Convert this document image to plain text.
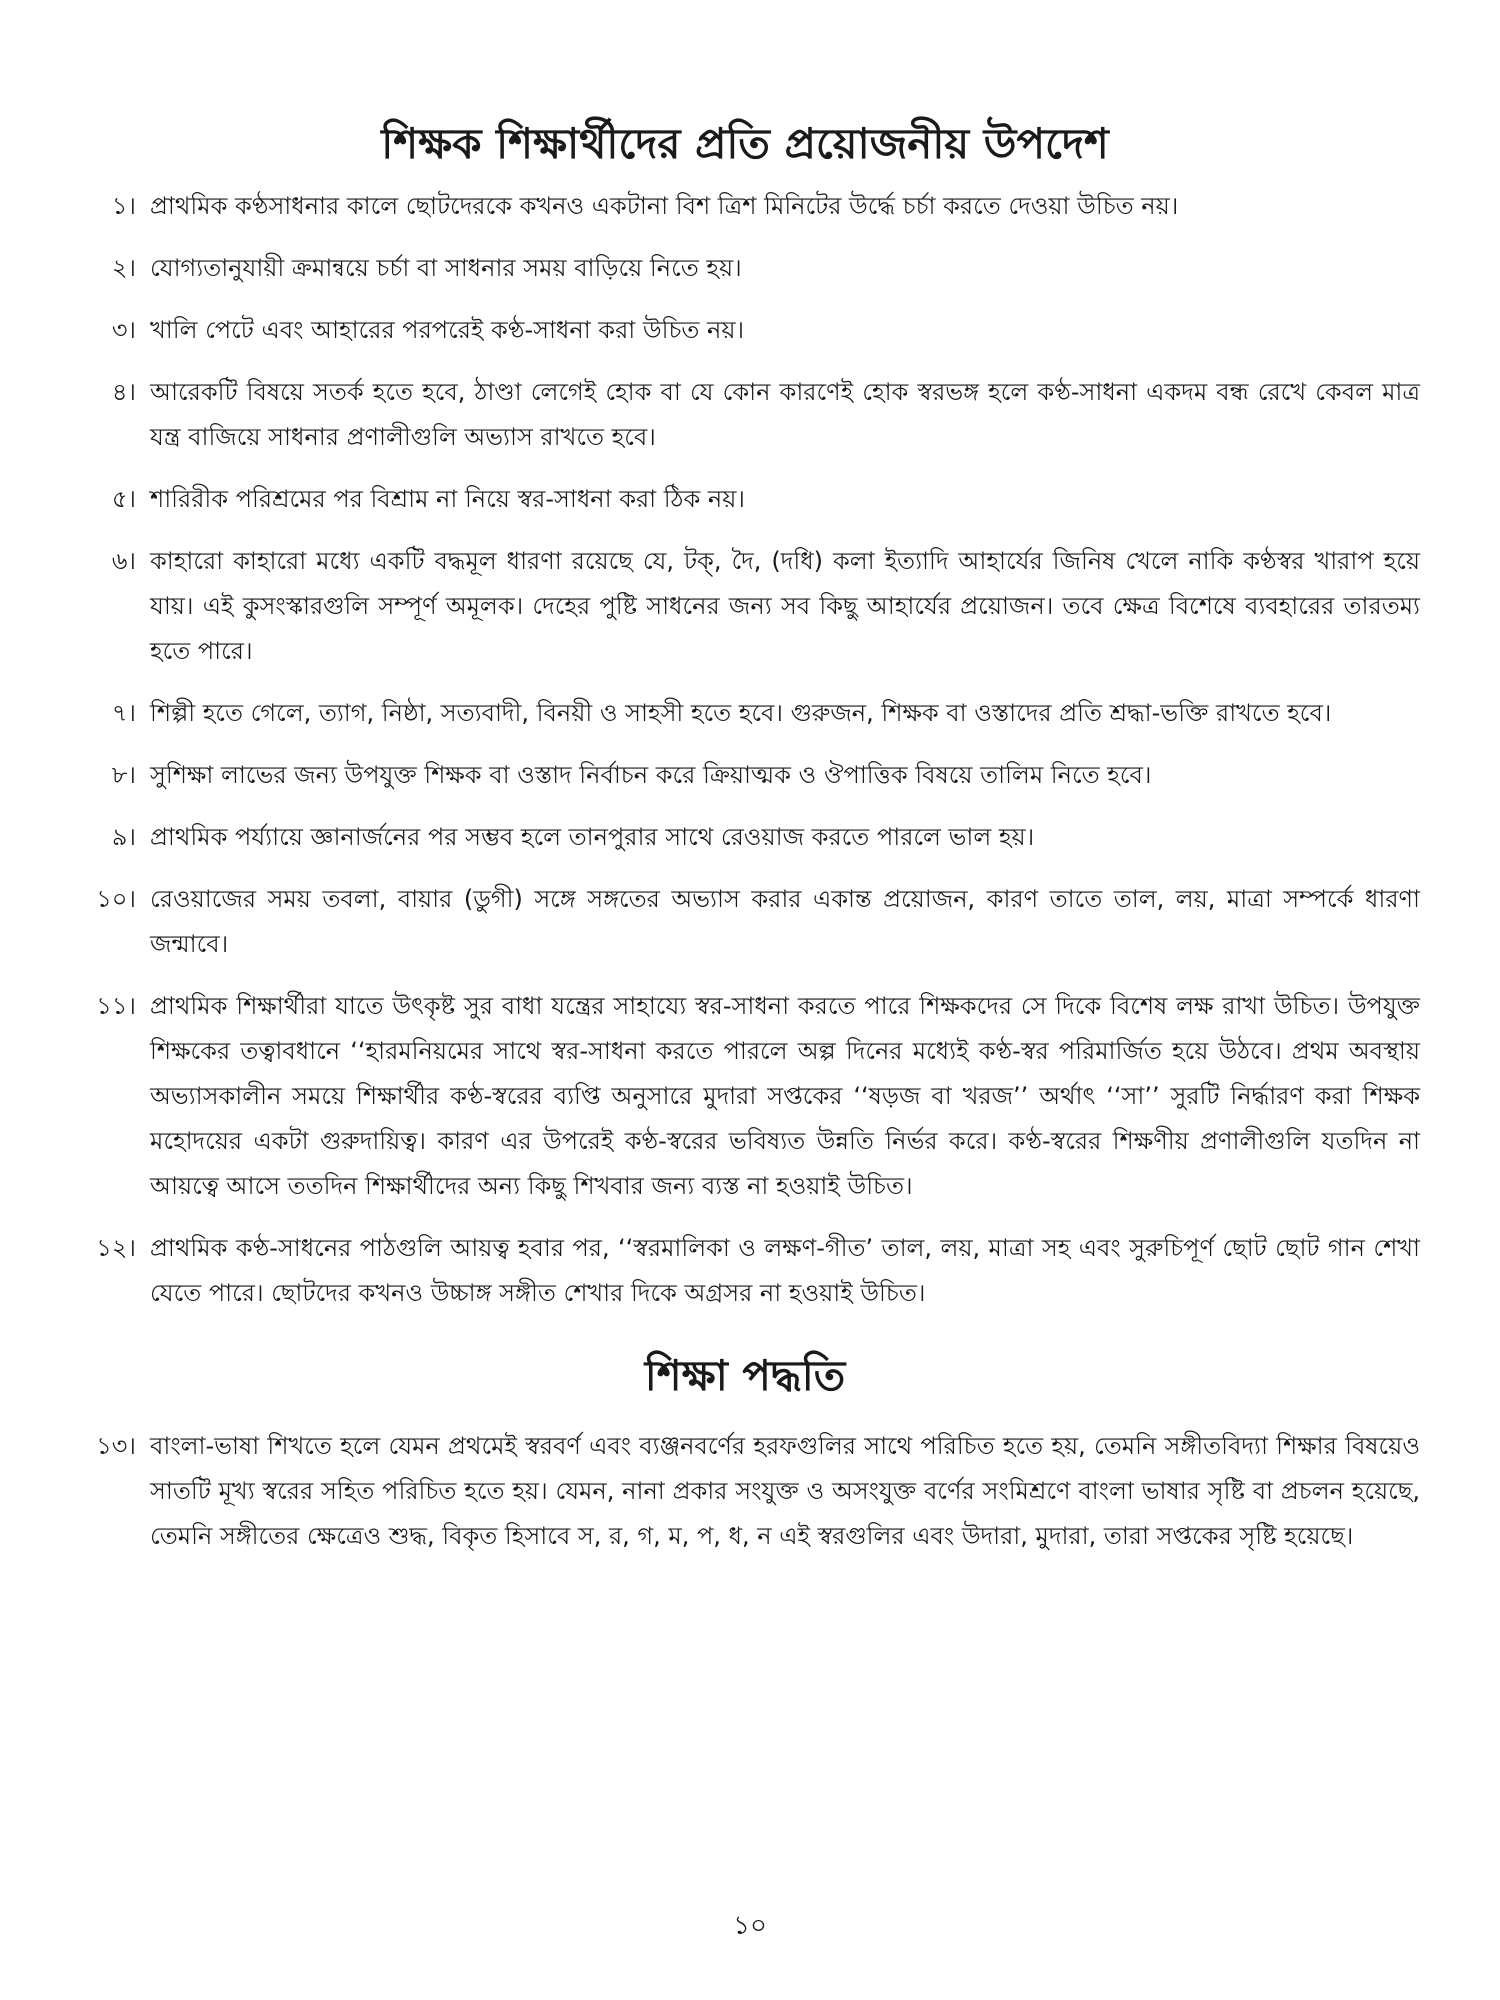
শিক্ষক শিক্ষার্থীদের প্রতি প্রয়োজনীয় উপদেশ
১। প্রাথমিক কণ্ঠসাধনার কালে ছোটদেরকে কখনও একটানা বিশ ত্রিশ মিনিটের উর্দ্ধে চর্চা করতে দেওয়া উচিত নয়।
২। যোগ্যতানুযায়ী ক্রমান্বয়ে চর্চা বা সাধনার সময় বাড়িয়ে নিতে হয়।
৩। খালি পেটে এবং আহারের পরপরেই কণ্ঠ-সাধনা করা উচিত নয়।
৪। আরেকটি বিষয়ে সতর্ক হতে হবে, ঠাণ্ডা লেগেই হোক বা যে কোন কারণেই হোক স্বরভঙ্গ হলে কণ্ঠ-সাধনা একদম বন্ধ রেখে কেবল মাত্র যন্ত্র বাজিয়ে সাধনার প্রণালীগুলি অভ্যাস রাখতে হবে।
৫। শারিরীক পরিশ্রমের পর বিশ্রাম না নিয়ে স্বর-সাধনা করা ঠিক নয়।
৬। কাহারো কাহারো মধ্যে একটি বদ্ধমূল ধারণা রয়েছে যে, টক্, দৈ, (দধি) কলা ইত্যাদি আহার্যের জিনিষ খেলে নাকি কণ্ঠস্বর খারাপ হয়ে যায়। এই কুসংস্কারগুলি সম্পূর্ণ অমূলক। দেহের পুষ্টি সাধনের জন্য সব কিছু আহার্যের প্রয়োজন। তবে ক্ষেত্র বিশেষে ব্যবহারের তারতম্য হতে পারে।
৭। শিল্পী হতে গেলে, ত্যাগ, নিষ্ঠা, সত্যবাদী, বিনয়ী ও সাহসী হতে হবে। গুরুজন, শিক্ষক বা ওস্তাদের প্রতি শ্রদ্ধা-ভক্তি রাখতে হবে।
৮। সুশিক্ষা লাভের জন্য উপযুক্ত শিক্ষক বা ওস্তাদ নির্বাচন করে ক্রিয়াত্মক ও ঔপাত্তিক বিষয়ে তালিম নিতে হবে।
৯। প্রাথমিক পর্য্যায়ে জ্ঞানার্জনের পর সম্ভব হলে তানপুরার সাথে রেওয়াজ করতে পারলে ভাল হয়।
১০। রেওয়াজের সময় তবলা, বায়ার (ডুগী) সঙ্গে সঙ্গতের অভ্যাস করার একান্ত প্রয়োজন, কারণ তাতে তাল, লয়, মাত্রা সম্পর্কে ধারণা জন্মাবে।
১১। প্রাথমিক শিক্ষার্থীরা যাতে উৎকৃষ্ট সুর বাধা যন্ত্রের সাহায্যে স্বর-সাধনা করতে পারে শিক্ষকদের সে দিকে বিশেষ লক্ষ রাখা উচিত। উপযুক্ত শিক্ষকের তত্বাবধানে ‘‘হারমনিয়মের সাথে স্বর-সাধনা করতে পারলে অল্প দিনের মধ্যেই কণ্ঠ-স্বর পরিমার্জিত হয়ে উঠবে। প্রথম অবস্থায় অভ্যাসকালীন সময়ে শিক্ষার্থীর কণ্ঠ-স্বরের ব্যপ্তি অনুসারে মুদারা সপ্তকের ‘‘ষড়জ বা খরজ’’ অর্থাৎ ‘‘সা’’ সুরটি নির্দ্ধারণ করা শিক্ষক মহোদয়ের একটা গুরুদায়িত্ব। কারণ এর উপরেই কণ্ঠ-স্বরের ভবিষ্যত উন্নতি নির্ভর করে। কণ্ঠ-স্বরের শিক্ষণীয় প্রণালীগুলি যতদিন না আয়ত্বে আসে ততদিন শিক্ষার্থীদের অন্য কিছু শিখবার জন্য ব্যস্ত না হওয়াই উচিত।
১২। প্রাথমিক কণ্ঠ-সাধনের পাঠগুলি আয়ত্ব হবার পর, ‘‘স্বরমালিকা ও লক্ষণ-গীত’ তাল, লয়, মাত্রা সহ এবং সুরুচিপূর্ণ ছোট ছোট গান শেখা যেতে পারে। ছোটদের কখনও উচ্চাঙ্গ সঙ্গীত শেখার দিকে অগ্রসর না হওয়াই উচিত।
শিক্ষা পদ্ধতি
১৩। বাংলা-ভাষা শিখতে হলে যেমন প্রথমেই স্বরবর্ণ এবং ব্যঞ্জনবর্ণের হরফগুলির সাথে পরিচিত হতে হয়, তেমনি সঙ্গীতবিদ্যা শিক্ষার বিষয়েও সাতটি মূখ্য স্বরের সহিত পরিচিত হতে হয়। যেমন, নানা প্রকার সংযুক্ত ও অসংযুক্ত বর্ণের সংমিশ্রণে বাংলা ভাষার সৃষ্টি বা প্রচলন হয়েছে, তেমনি সঙ্গীতের ক্ষেত্রেও শুদ্ধ, বিকৃত হিসাবে স, র, গ, ম, প, ধ, ন এই স্বরগুলির এবং উদারা, মুদারা, তারা সপ্তকের সৃষ্টি হয়েছে।
১০
